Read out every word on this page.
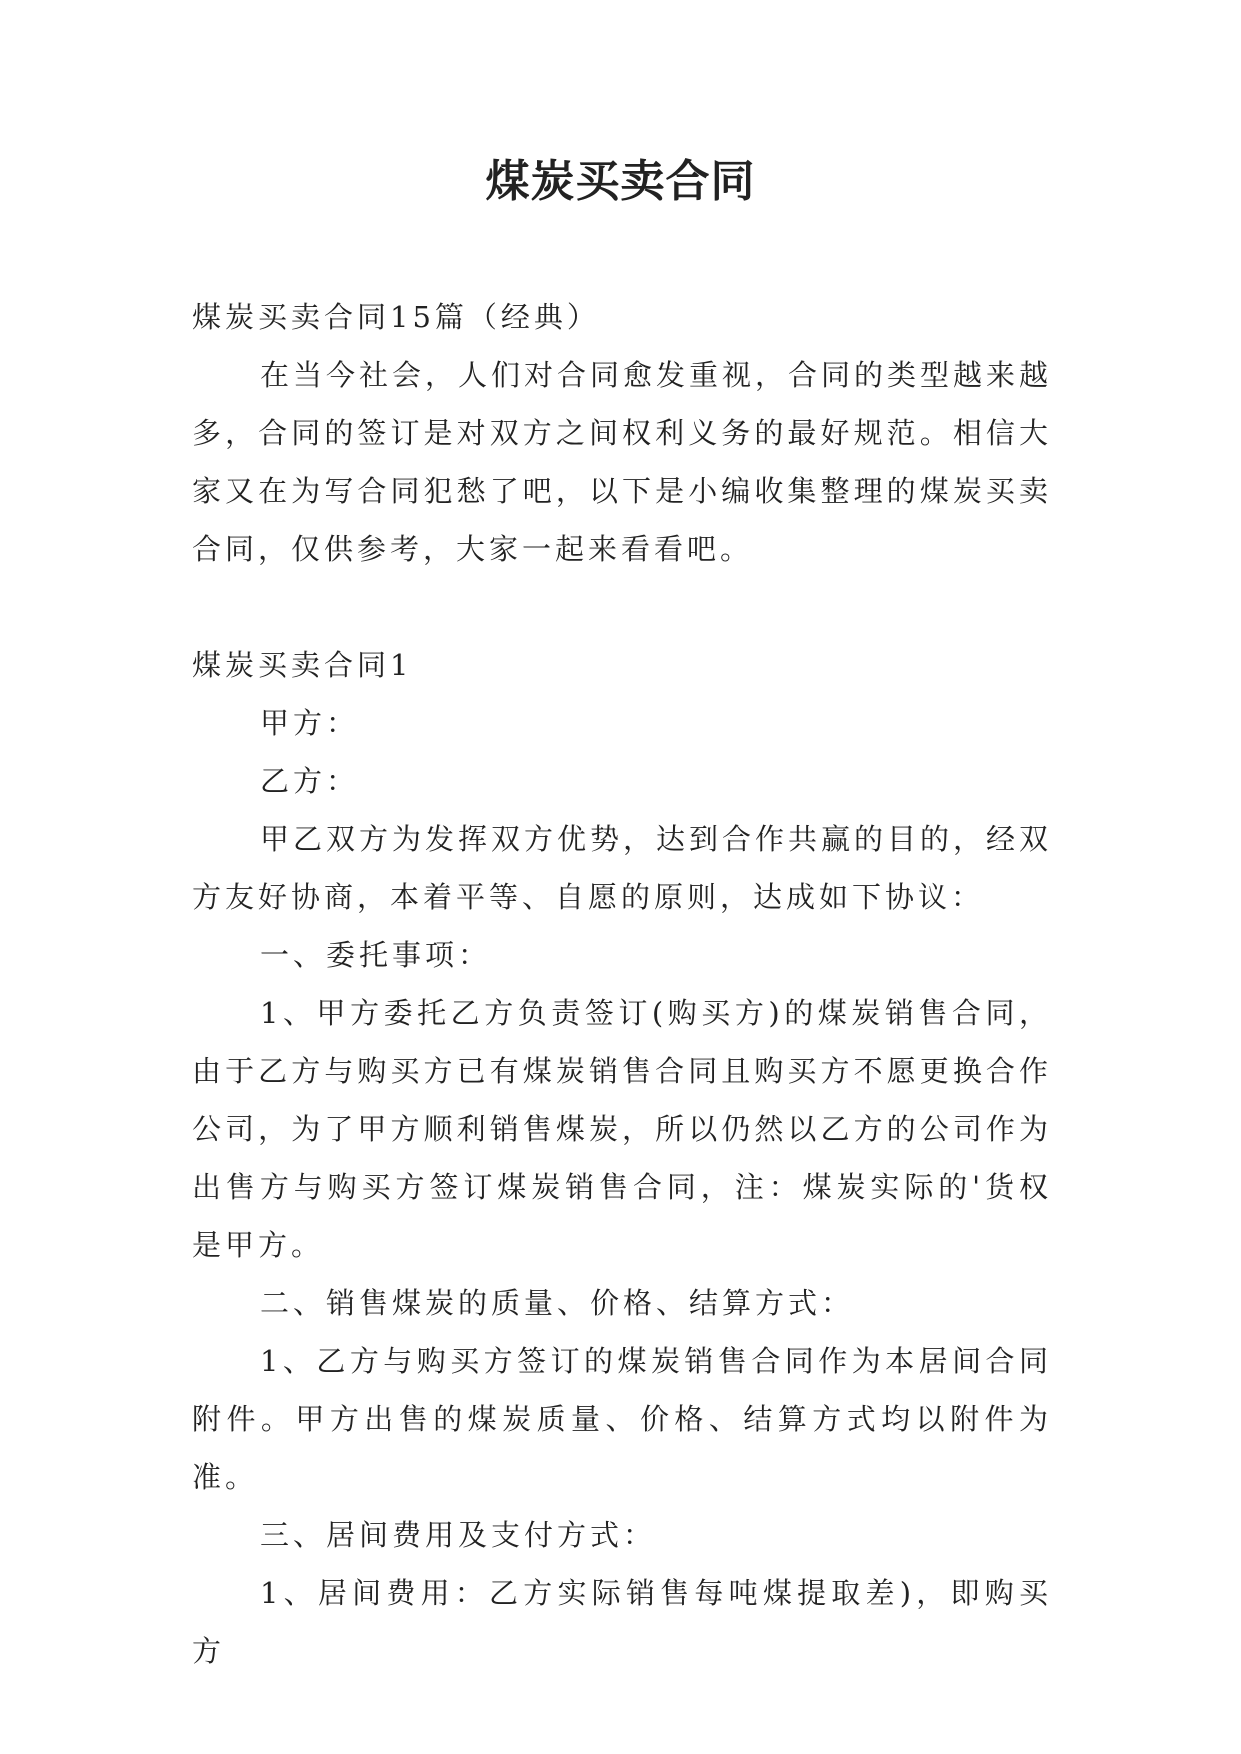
煤炭买卖合同

煤炭买卖合同15篇（经典）

在当今社会，人们对合同愈发重视，合同的类型越来越多，合同的签订是对双方之间权利义务的最好规范。相信大家又在为写合同犯愁了吧，以下是小编收集整理的煤炭买卖合同，仅供参考，大家一起来看看吧。

煤炭买卖合同1

甲方：

乙方：

甲乙双方为发挥双方优势，达到合作共赢的目的，经双方友好协商，本着平等、自愿的原则，达成如下协议：

一、委托事项：

1、甲方委托乙方负责签订(购买方)的煤炭销售合同，由于乙方与购买方已有煤炭销售合同且购买方不愿更换合作公司，为了甲方顺利销售煤炭，所以仍然以乙方的公司作为出售方与购买方签订煤炭销售合同，注：煤炭实际的'货权是甲方。

二、销售煤炭的质量、价格、结算方式：

1、乙方与购买方签订的煤炭销售合同作为本居间合同附件。甲方出售的煤炭质量、价格、结算方式均以附件为准。

三、居间费用及支付方式：

1、居间费用：乙方实际销售每吨煤提取差)，即购买方
